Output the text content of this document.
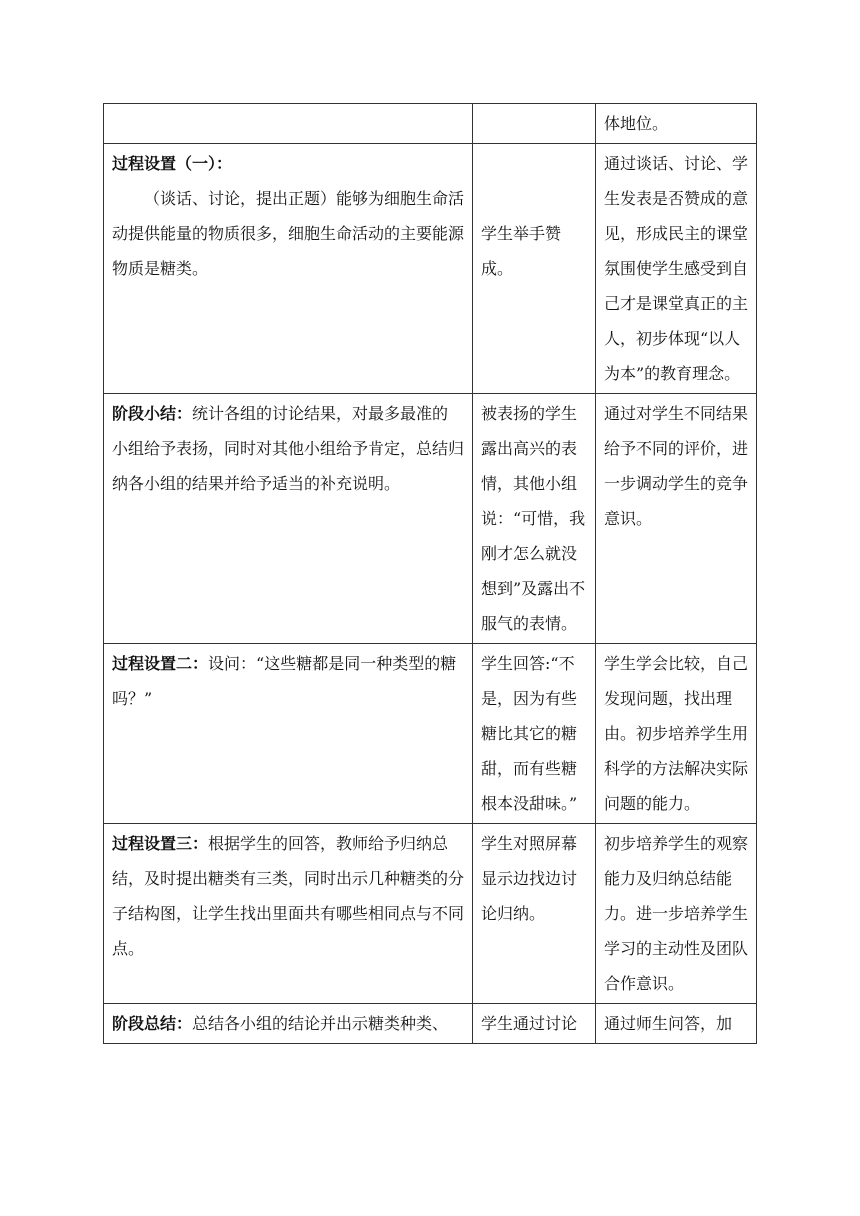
		体地位。
过程设置（一）：
（谈话、讨论，提出正题）能够为细胞生命活动提供能量的物质很多，细胞生命活动的主要能源物质是糖类。	学生举手赞成。	通过谈话、讨论、学生发表是否赞成的意见，形成民主的课堂氛围使学生感受到自己才是课堂真正的主人，初步体现“以人为本”的教育理念。
阶段小结：统计各组的讨论结果，对最多最准的小组给予表扬，同时对其他小组给予肯定，总结归纳各小组的结果并给予适当的补充说明。	被表扬的学生露出高兴的表情，其他小组说：“可惜，我刚才怎么就没想到”及露出不服气的表情。	通过对学生不同结果给予不同的评价，进一步调动学生的竞争意识。
过程设置二：设问：“这些糖都是同一种类型的糖吗？”	学生回答:“不是，因为有些糖比其它的糖甜，而有些糖根本没甜味。”	学生学会比较，自己发现问题，找出理由。初步培养学生用科学的方法解决实际问题的能力。
过程设置三：根据学生的回答，教师给予归纳总结，及时提出糖类有三类，同时出示几种糖类的分子结构图，让学生找出里面共有哪些相同点与不同点。	学生对照屏幕显示边找边讨论归纳。	初步培养学生的观察能力及归纳总结能力。进一步培养学生学习的主动性及团队合作意识。
阶段总结：总结各小组的结论并出示糖类种类、	学生通过讨论	通过师生问答，加
